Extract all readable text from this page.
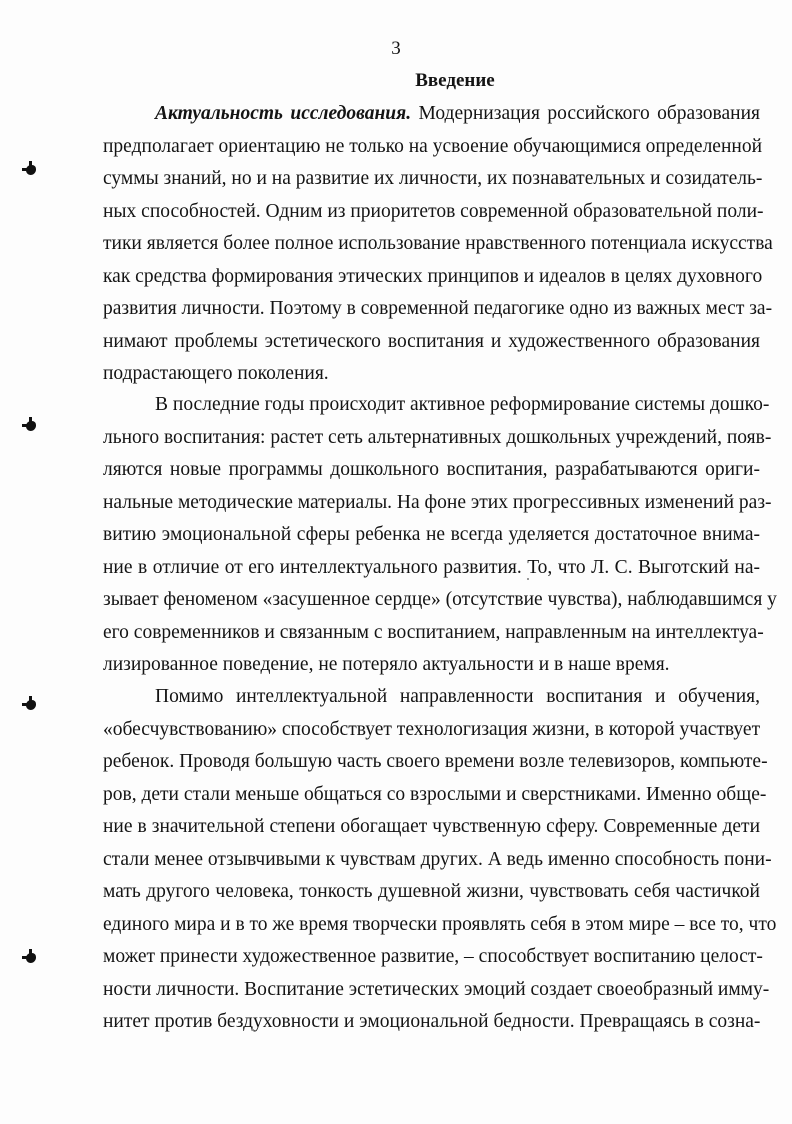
3
Введение
Актуальность исследования. Модернизация российского образования
предполагает ориентацию не только на усвоение обучающимися определенной
суммы знаний, но и на развитие их личности, их познавательных и созидатель-
ных способностей. Одним из приоритетов современной образовательной поли-
тики является более полное использование нравственного потенциала искусства
как средства формирования этических принципов и идеалов в целях духовного
развития личности. Поэтому в современной педагогике одно из важных мест за-
нимают проблемы эстетического воспитания и художественного образования
подрастающего поколения.
В последние годы происходит активное реформирование системы дошко-
льного воспитания: растет сеть альтернативных дошкольных учреждений, появ-
ляются новые программы дошкольного воспитания, разрабатываются ориги-
нальные методические материалы. На фоне этих прогрессивных изменений раз-
витию эмоциональной сферы ребенка не всегда уделяется достаточное внима-
ние в отличие от его интеллектуального развития. То, что Л. С. Выготский на-
зывает феноменом «засушенное сердце» (отсутствие чувства), наблюдавшимся у
его современников и связанным с воспитанием, направленным на интеллектуа-
лизированное поведение, не потеряло актуальности и в наше время.
Помимо интеллектуальной направленности воспитания и обучения,
«обесчувствованию» способствует технологизация жизни, в которой участвует
ребенок. Проводя большую часть своего времени возле телевизоров, компьюте-
ров, дети стали меньше общаться со взрослыми и сверстниками. Именно обще-
ние в значительной степени обогащает чувственную сферу. Современные дети
стали менее отзывчивыми к чувствам других. А ведь именно способность пони-
мать другого человека, тонкость душевной жизни, чувствовать себя частичкой
единого мира и в то же время творчески проявлять себя в этом мире – все то, что
может принести художественное развитие, – способствует воспитанию целост-
ности личности. Воспитание эстетических эмоций создает своеобразный имму-
нитет против бездуховности и эмоциональной бедности. Превращаясь в созна-
